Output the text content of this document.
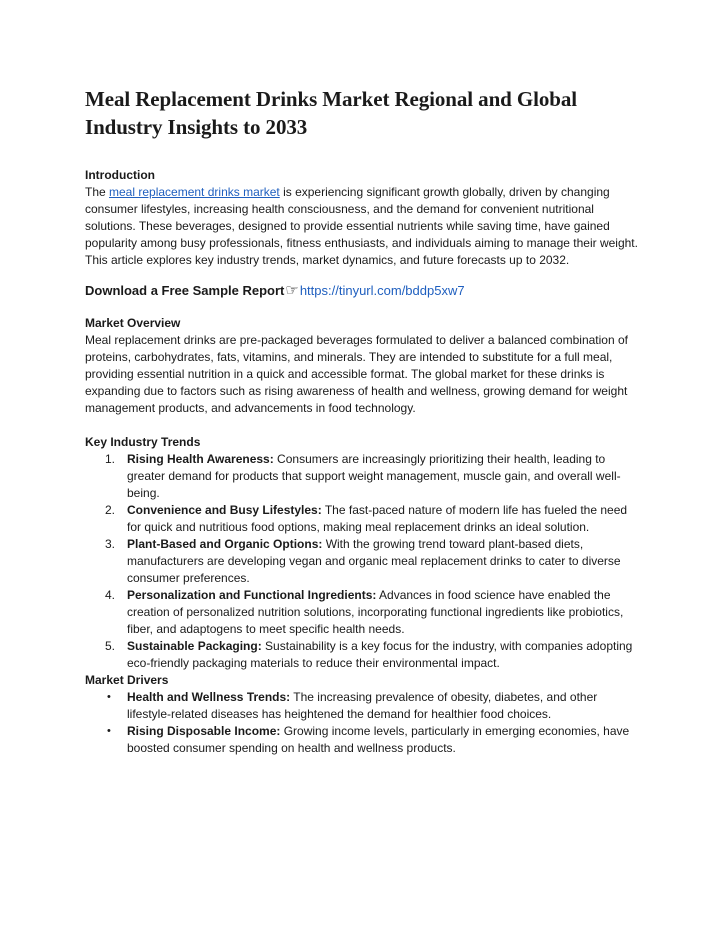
Meal Replacement Drinks Market Regional and Global Industry Insights to 2033
Introduction

The meal replacement drinks market is experiencing significant growth globally, driven by changing consumer lifestyles, increasing health consciousness, and the demand for convenient nutritional solutions. These beverages, designed to provide essential nutrients while saving time, have gained popularity among busy professionals, fitness enthusiasts, and individuals aiming to manage their weight. This article explores key industry trends, market dynamics, and future forecasts up to 2032.

Download a Free Sample Report ☞ https://tinyurl.com/bddp5xw7
Market Overview

Meal replacement drinks are pre-packaged beverages formulated to deliver a balanced combination of proteins, carbohydrates, fats, vitamins, and minerals. They are intended to substitute for a full meal, providing essential nutrition in a quick and accessible format. The global market for these drinks is expanding due to factors such as rising awareness of health and wellness, growing demand for weight management products, and advancements in food technology.

Key Industry Trends
1. Rising Health Awareness: Consumers are increasingly prioritizing their health, leading to greater demand for products that support weight management, muscle gain, and overall well-being.
2. Convenience and Busy Lifestyles: The fast-paced nature of modern life has fueled the need for quick and nutritious food options, making meal replacement drinks an ideal solution.
3. Plant-Based and Organic Options: With the growing trend toward plant-based diets, manufacturers are developing vegan and organic meal replacement drinks to cater to diverse consumer preferences.
4. Personalization and Functional Ingredients: Advances in food science have enabled the creation of personalized nutrition solutions, incorporating functional ingredients like probiotics, fiber, and adaptogens to meet specific health needs.
5. Sustainable Packaging: Sustainability is a key focus for the industry, with companies adopting eco-friendly packaging materials to reduce their environmental impact.
Market Drivers
• Health and Wellness Trends: The increasing prevalence of obesity, diabetes, and other lifestyle-related diseases has heightened the demand for healthier food choices.
• Rising Disposable Income: Growing income levels, particularly in emerging economies, have boosted consumer spending on health and wellness products.
